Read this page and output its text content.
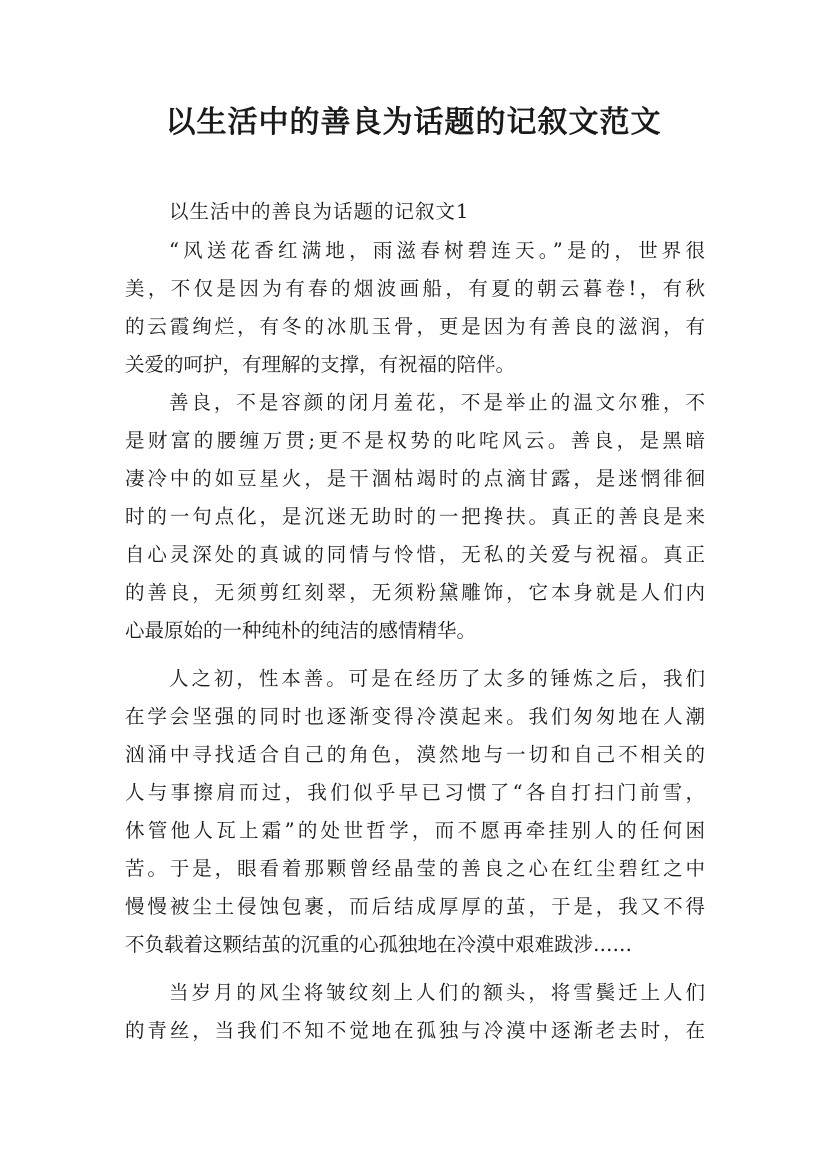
以生活中的善良为话题的记叙文范文
以生活中的善良为话题的记叙文1
“风送花香红满地，雨滋春树碧连天。”是的，世界很
美，不仅是因为有春的烟波画船，有夏的朝云暮卷!，有秋
的云霞绚烂，有冬的冰肌玉骨，更是因为有善良的滋润，有
关爱的呵护，有理解的支撑，有祝福的陪伴。
善良，不是容颜的闭月羞花，不是举止的温文尔雅，不
是财富的腰缠万贯;更不是权势的叱咤风云。善良，是黑暗
凄冷中的如豆星火，是干涸枯竭时的点滴甘露，是迷惘徘徊
时的一句点化，是沉迷无助时的一把搀扶。真正的善良是来
自心灵深处的真诚的同情与怜惜，无私的关爱与祝福。真正
的善良，无须剪红刻翠，无须粉黛雕饰，它本身就是人们内
心最原始的一种纯朴的纯洁的感情精华。
人之初，性本善。可是在经历了太多的锤炼之后，我们
在学会坚强的同时也逐渐变得冷漠起来。我们匆匆地在人潮
汹涌中寻找适合自己的角色，漠然地与一切和自己不相关的
人与事擦肩而过，我们似乎早已习惯了“各自打扫门前雪，
休管他人瓦上霜”的处世哲学，而不愿再牵挂别人的任何困
苦。于是，眼看着那颗曾经晶莹的善良之心在红尘碧红之中
慢慢被尘土侵蚀包裹，而后结成厚厚的茧，于是，我又不得
不负载着这颗结茧的沉重的心孤独地在冷漠中艰难跋涉……
当岁月的风尘将皱纹刻上人们的额头，将雪鬓迁上人们
的青丝，当我们不知不觉地在孤独与冷漠中逐渐老去时，在
